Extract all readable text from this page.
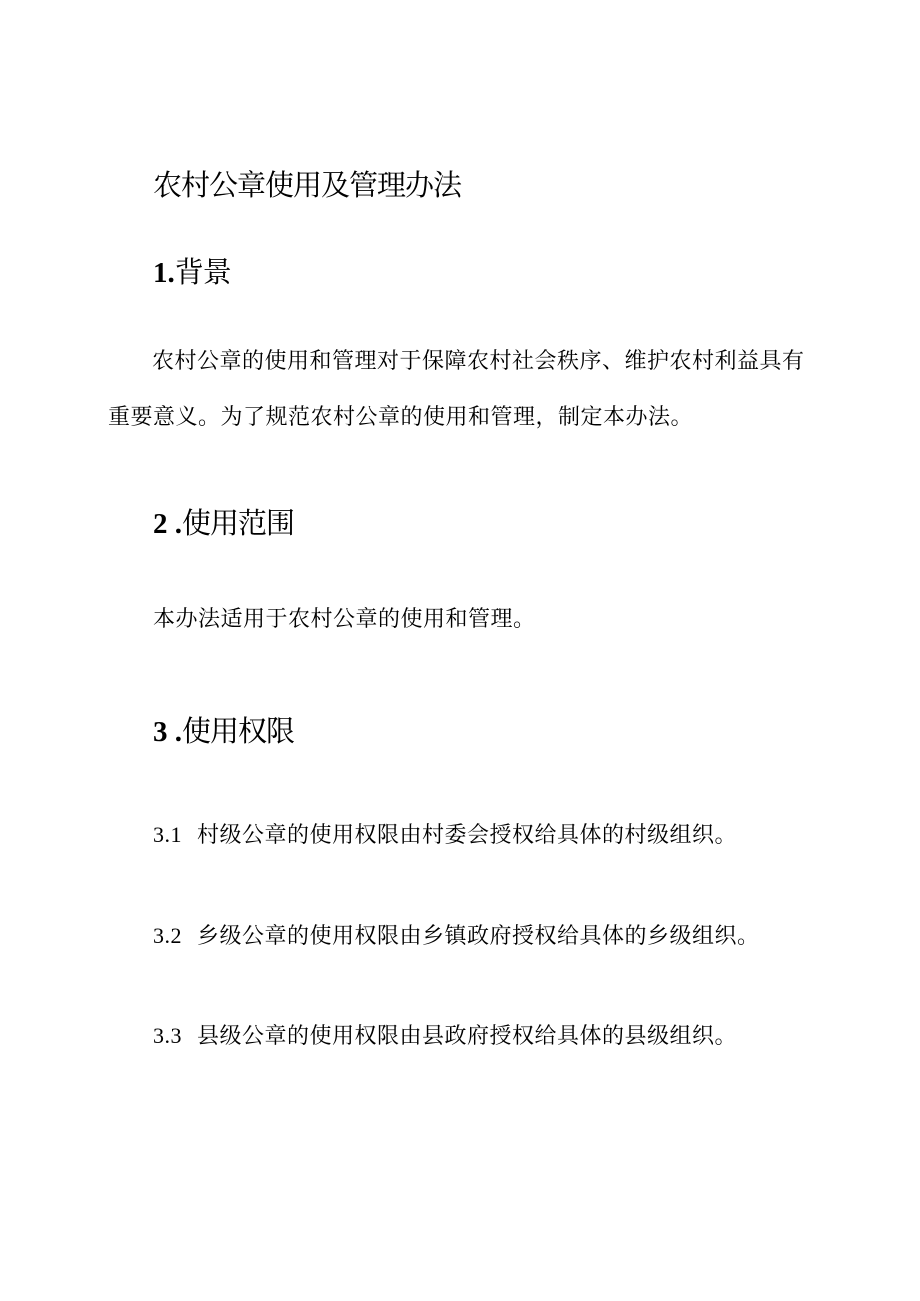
农村公章使用及管理办法
1.背景

农村公章的使用和管理对于保障农村社会秩序、维护农村利益具有重要意义。为了规范农村公章的使用和管理，制定本办法。

2 .使用范围
本办法适用于农村公章的使用和管理。
3 .使用权限
3.1 村级公章的使用权限由村委会授权给具体的村级组织。
3.2 乡级公章的使用权限由乡镇政府授权给具体的乡级组织。
3.3 县级公章的使用权限由县政府授权给具体的县级组织。
